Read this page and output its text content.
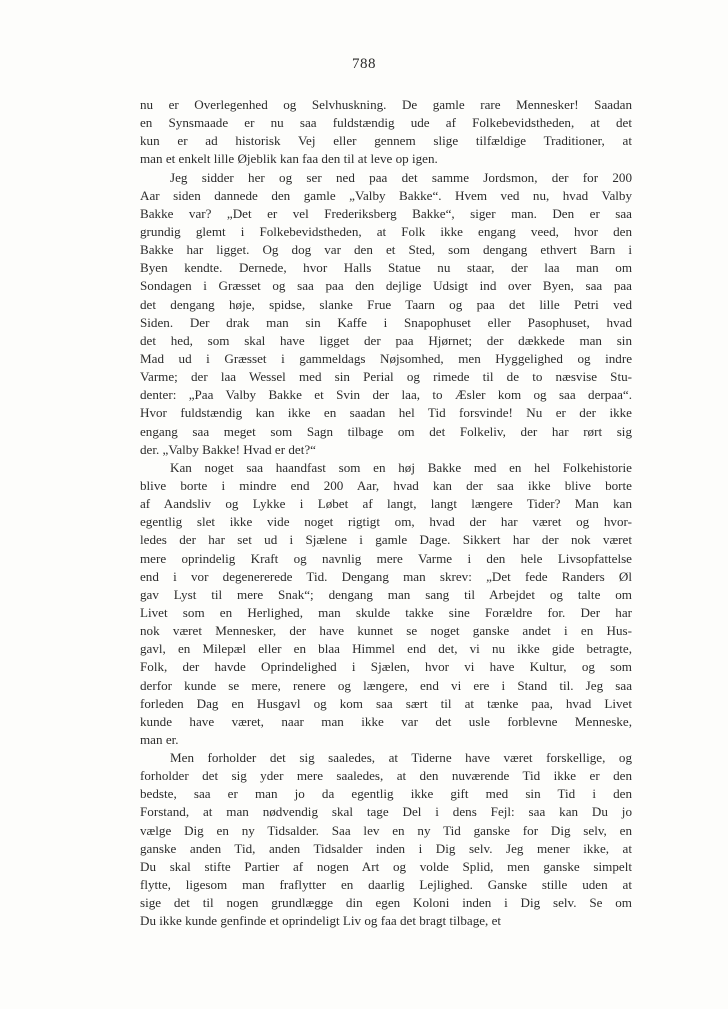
788
nu er Overlegenhed og Selvhuskning. De gamle rare Mennesker! Saadan
en Synsmaade er nu saa fuldstændig ude af Folkebevidstheden, at det
kun er ad historisk Vej eller gennem slige tilfældige Traditioner, at
man et enkelt lille Øjeblik kan faa den til at leve op igen.
Jeg sidder her og ser ned paa det samme Jordsmon, der for 200
Aar siden dannede den gamle „Valby Bakke“. Hvem ved nu, hvad Valby
Bakke var? „Det er vel Frederiksberg Bakke“, siger man. Den er saa
grundig glemt i Folkebevidstheden, at Folk ikke engang veed, hvor den
Bakke har ligget. Og dog var den et Sted, som dengang ethvert Barn i
Byen kendte. Dernede, hvor Halls Statue nu staar, der laa man om
Sondagen i Græsset og saa paa den dejlige Udsigt ind over Byen, saa paa
det dengang høje, spidse, slanke Frue Taarn og paa det lille Petri ved
Siden. Der drak man sin Kaffe i Snapophuset eller Pasophuset, hvad
det hed, som skal have ligget der paa Hjørnet; der dækkede man sin
Mad ud i Græsset i gammeldags Nøjsomhed, men Hyggelighed og indre
Varme; der laa Wessel med sin Perial og rimede til de to næsvise Stu-
denter: „Paa Valby Bakke et Svin der laa, to Æsler kom og saa derpaa“.
Hvor fuldstændig kan ikke en saadan hel Tid forsvinde! Nu er der ikke
engang saa meget som Sagn tilbage om det Folkeliv, der har rørt sig
der. „Valby Bakke! Hvad er det?“
Kan noget saa haandfast som en høj Bakke med en hel Folkehistorie
blive borte i mindre end 200 Aar, hvad kan der saa ikke blive borte
af Aandsliv og Lykke i Løbet af langt, langt længere Tider? Man kan
egentlig slet ikke vide noget rigtigt om, hvad der har været og hvor-
ledes der har set ud i Sjælene i gamle Dage. Sikkert har der nok været
mere oprindelig Kraft og navnlig mere Varme i den hele Livsopfattelse
end i vor degenererede Tid. Dengang man skrev: „Det fede Randers Øl
gav Lyst til mere Snak“; dengang man sang til Arbejdet og talte om
Livet som en Herlighed, man skulde takke sine Forældre for. Der har
nok været Mennesker, der have kunnet se noget ganske andet i en Hus-
gavl, en Milepæl eller en blaa Himmel end det, vi nu ikke gide betragte,
Folk, der havde Oprindelighed i Sjælen, hvor vi have Kultur, og som
derfor kunde se mere, renere og længere, end vi ere i Stand til. Jeg saa
forleden Dag en Husgavl og kom saa sært til at tænke paa, hvad Livet
kunde have været, naar man ikke var det usle forblevne Menneske,
man er.
Men forholder det sig saaledes, at Tiderne have været forskellige, og
forholder det sig yder mere saaledes, at den nuværende Tid ikke er den
bedste, saa er man jo da egentlig ikke gift med sin Tid i den
Forstand, at man nødvendig skal tage Del i dens Fejl: saa kan Du jo
vælge Dig en ny Tidsalder. Saa lev en ny Tid ganske for Dig selv, en
ganske anden Tid, anden Tidsalder inden i Dig selv. Jeg mener ikke, at
Du skal stifte Partier af nogen Art og volde Splid, men ganske simpelt
flytte, ligesom man fraflytter en daarlig Lejlighed. Ganske stille uden at
sige det til nogen grundlægge din egen Koloni inden i Dig selv. Se om
Du ikke kunde genfinde et oprindeligt Liv og faa det bragt tilbage, et
